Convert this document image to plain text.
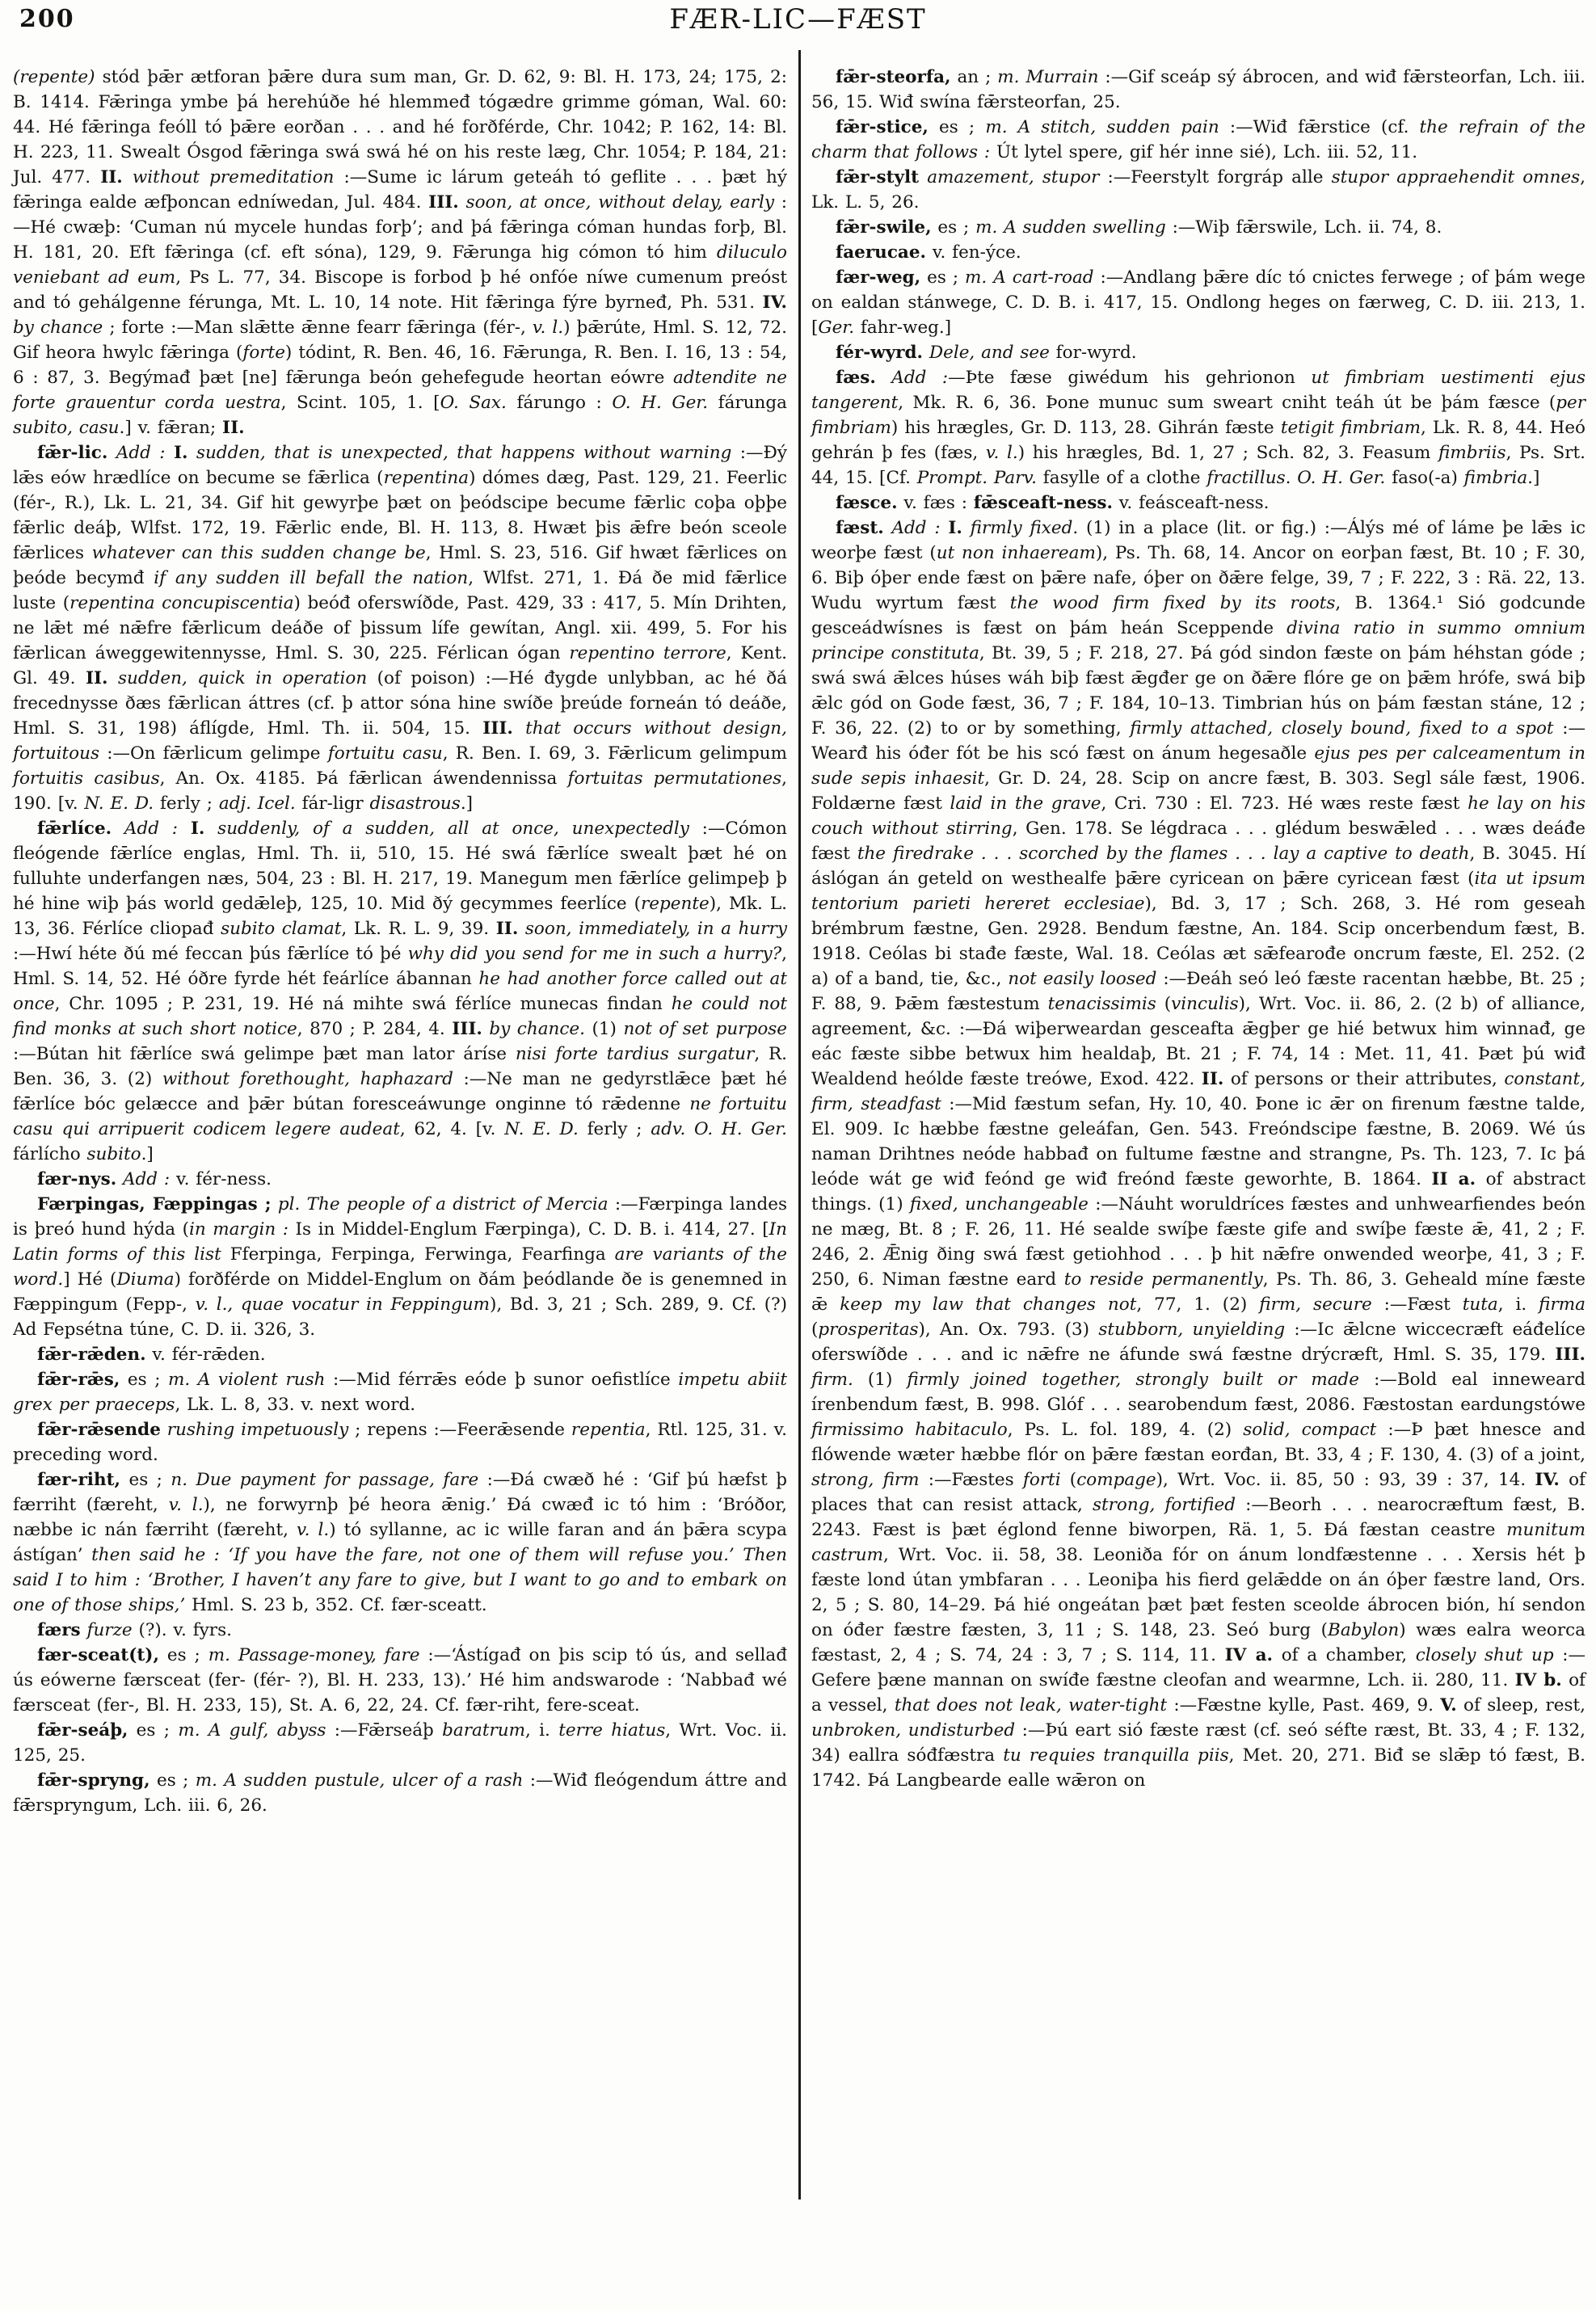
200	FÆR-LIC—FÆST

(repente) stód þǣr ætforan þǣre dura sum man, Gr. D. 62, 9: Bl. H. 173, 24; 175, 2: B. 1414. Fǣringa ymbe þá herehúðe hé hlemmeđ tógædre grimme góman, Wal. 60: 44. Hé fǣringa feóll tó þǣre eorðan . . . and hé forðférde, Chr. 1042; P. 162, 14: Bl. H. 223, 11. Swealt Ósgod fǣringa swá swá hé on his reste læg, Chr. 1054; P. 184, 21: Jul. 477. II. without premeditation :—Sume ic lárum geteáh tó geflite . . . þæt hý fǣringa ealde æfþoncan edníwedan, Jul. 484. III. soon, at once, without delay, early :—Hé cwæþ: ‘Cuman nú mycele hundas forþ’; and þá fǣringa cóman hundas forþ, Bl. H. 181, 20. Eft fǣringa (cf. eft sóna), 129, 9. Fǣrunga hig cómon tó him diluculo veniebant ad eum, Ps L. 77, 34. Biscope is forbod þ hé onfóe níwe cumenum preóst and tó gehálgenne férunga, Mt. L. 10, 14 note. Hit fǣringa fýre byrneđ, Ph. 531. IV. by chance ; forte :—Man slǣtte ǣnne fearr fǣringa (fér-, v. l.) þǣrúte, Hml. S. 12, 72. Gif heora hwylc fǣringa (forte) tódint, R. Ben. 46, 16. Fǣrunga, R. Ben. I. 16, 13 : 54, 6 : 87, 3. Begýmađ þæt [ne] fǣrunga beón gehefegude heortan eówre adtendite ne forte grauentur corda uestra, Scint. 105, 1. [O. Sax. fárungo : O. H. Ger. fárunga subito, casu.] v. fǣran; II.

fǣr-lic. Add : I. sudden, that is unexpected, that happens without warning :—Ðý lǣs eów hrædlíce on becume se fǣrlica (repentina) dómes dæg, Past. 129, 21. Feerlic (fér-, R.), Lk. L. 21, 34. Gif hit gewyrþe þæt on þeódscipe becume fǣrlic coþa oþþe fǣrlic deáþ, Wlfst. 172, 19. Fǣrlic ende, Bl. H. 113, 8. Hwæt þis ǣfre beón sceole fǣrlices whatever can this sudden change be, Hml. S. 23, 516. Gif hwæt fǣrlices on þeóde becymđ if any sudden ill befall the nation, Wlfst. 271, 1. Ðá ðe mid fǣrlice luste (repentina concupiscentia) beóđ oferswíðde, Past. 429, 33 : 417, 5. Mín Drihten, ne lǣt mé nǣfre fǣrlicum deáðe of þissum lífe gewítan, Angl. xii. 499, 5. For his fǣrlican áweggewitennysse, Hml. S. 30, 225. Férlican ógan repentino terrore, Kent. Gl. 49. II. sudden, quick in operation (of poison) :—Hé đygde unlybban, ac hé ðá frecednysse ðæs fǣrlican áttres (cf. þ attor sóna hine swíðe þreúde forneán tó deáðe, Hml. S. 31, 198) áflígde, Hml. Th. ii. 504, 15. III. that occurs without design, fortuitous :—On fǣrlicum gelimpe fortuitu casu, R. Ben. I. 69, 3. Fǣrlicum gelimpum fortuitis casibus, An. Ox. 4185. Þá fǣrlican áwendennissa fortuitas permutationes, 190. [v. N. E. D. ferly ; adj. Icel. fár-ligr disastrous.]

fǣrlíce. Add : I. suddenly, of a sudden, all at once, unexpectedly :—Cómon fleógende fǣrlíce englas, Hml. Th. ii, 510, 15. Hé swá fǣrlíce swealt þæt hé on fulluhte underfangen næs, 504, 23 : Bl. H. 217, 19. Manegum men fǣrlíce gelimpeþ þ hé hine wiþ þás world gedǣleþ, 125, 10. Mid ðý gecymmes feerlíce (repente), Mk. L. 13, 36. Férlíce cliopađ subito clamat, Lk. R. L. 9, 39. II. soon, immediately, in a hurry :—Hwí héte ðú mé feccan þús fǣrlíce tó þé why did you send for me in such a hurry?, Hml. S. 14, 52. Hé óðre fyrde hét feárlíce ábannan he had another force called out at once, Chr. 1095 ; P. 231, 19. Hé ná mihte swá férlíce munecas findan he could not find monks at such short notice, 870 ; P. 284, 4. III. by chance. (1) not of set purpose :—Bútan hit fǣrlíce swá gelimpe þæt man lator áríse nisi forte tardius surgatur, R. Ben. 36, 3. (2) without forethought, haphazard :—Ne man ne gedyrstlǣce þæt hé fǣrlíce bóc gelæcce and þǣr bútan foresceáwunge onginne tó rǣdenne ne fortuitu casu qui arripuerit codicem legere audeat, 62, 4. [v. N. E. D. ferly ; adv. O. H. Ger. fárlícho subito.]

fær-nys. Add : v. fér-ness.

Færpingas, Fæppingas ; pl. The people of a district of Mercia :—Færpinga landes is þreó hund hýda (in margin : Is in Middel-Englum Færpinga), C. D. B. i. 414, 27. [In Latin forms of this list Fferpinga, Ferpinga, Ferwinga, Fearfinga are variants of the word.] Hé (Diuma) forðférde on Middel-Englum on ðám þeódlande ðe is genemned in Fæppingum (Fepp-, v. l., quae vocatur in Feppingum), Bd. 3, 21 ; Sch. 289, 9. Cf. (?) Ad Fepsétna túne, C. D. ii. 326, 3.

fǣr-rǣden. v. fér-rǣden.

fǣr-rǣs, es ; m. A violent rush :—Mid férrǣs eóde þ sunor oefistlíce impetu abiit grex per praeceps, Lk. L. 8, 33. v. next word.

fǣr-rǣsende rushing impetuously ; repens :—Feerǣsende repentia, Rtl. 125, 31. v. preceding word.

fær-riht, es ; n. Due payment for passage, fare :—Ðá cwæð hé : ‘Gif þú hæfst þ færriht (færeht, v. l.), ne forwyrnþ þé heora ǣnig.’ Ðá cwæđ ic tó him : ‘Bróðor, næbbe ic nán færriht (færeht, v. l.) tó syllanne, ac ic wille faran and án þǣra scypa ástígan’ then said he : ‘If you have the fare, not one of them will refuse you.’ Then said I to him : ‘Brother, I haven’t any fare to give, but I want to go and to embark on one of those ships,’ Hml. S. 23 b, 352. Cf. fær-sceatt.

færs furze (?). v. fyrs.

fær-sceat(t), es ; m. Passage-money, fare :—‘Ástígađ on þis scip tó ús, and sellađ ús eówerne færsceat (fer- (fér- ?), Bl. H. 233, 13).’ Hé him andswarode : ‘Nabbađ wé færsceat (fer-, Bl. H. 233, 15), St. A. 6, 22, 24. Cf. fær-riht, fere-sceat.

fǣr-seáþ, es ; m. A gulf, abyss :—Fǣrseáþ baratrum, i. terre hiatus, Wrt. Voc. ii. 125, 25.

fǣr-spryng, es ; m. A sudden pustule, ulcer of a rash :—Wiđ fleógendum áttre and fǣrspryngum, Lch. iii. 6, 26.

fǣr-steorfa, an ; m. Murrain :—Gif sceáp sý ábrocen, and wiđ fǣrsteorfan, Lch. iii. 56, 15. Wiđ swína fǣrsteorfan, 25.

fǣr-stice, es ; m. A stitch, sudden pain :—Wiđ fǣrstice (cf. the refrain of the charm that follows : Út lytel spere, gif hér inne sié), Lch. iii. 52, 11.

fǣr-stylt amazement, stupor :—Feerstylt forgráp alle stupor appraehendit omnes, Lk. L. 5, 26.

fǣr-swile, es ; m. A sudden swelling :—Wiþ fǣrswile, Lch. ii. 74, 8.

faerucae. v. fen-ýce.

fær-weg, es ; m. A cart-road :—Andlang þǣre díc tó cnictes ferwege ; of þám wege on ealdan stánwege, C. D. B. i. 417, 15. Ondlong heges on færweg, C. D. iii. 213, 1. [Ger. fahr-weg.]

fér-wyrd. Dele, and see for-wyrd.

fæs. Add :—Þte fæse giwédum his gehrionon ut fimbriam uestimenti ejus tangerent, Mk. R. 6, 36. Þone munuc sum sweart cniht teáh út be þám fæsce (per fimbriam) his hrægles, Gr. D. 113, 28. Gihrán fæste tetigit fimbriam, Lk. R. 8, 44. Heó gehrán þ fes (fæs, v. l.) his hrægles, Bd. 1, 27 ; Sch. 82, 3. Feasum fimbriis, Ps. Srt. 44, 15. [Cf. Prompt. Parv. fasylle of a clothe fractillus. O. H. Ger. faso(-a) fimbria.]

fæsce. v. fæs : fǣsceaft-ness. v. feásceaft-ness.

fæst. Add : I. firmly fixed. (1) in a place (lit. or fig.) :—Álýs mé of láme þe lǣs ic weorþe fæst (ut non inhaeream), Ps. Th. 68, 14. Ancor on eorþan fæst, Bt. 10 ; F. 30, 6. Biþ óþer ende fæst on þǣre nafe, óþer on ðǣre felge, 39, 7 ; F. 222, 3 : Rä. 22, 13. Wudu wyrtum fæst the wood firm fixed by its roots, B. 1364.¹ Sió godcunde gesceádwísnes is fæst on þám heán Sceppende divina ratio in summo omnium principe constituta, Bt. 39, 5 ; F. 218, 27. Þá gód sindon fæste on þám héhstan góde ; swá swá ǣlces húses wáh biþ fæst ǣgđer ge on ðǣre flóre ge on þǣm hrófe, swá biþ ǣlc gód on Gode fæst, 36, 7 ; F. 184, 10–13. Timbrian hús on þám fæstan stáne, 12 ; F. 36, 22. (2) to or by something, firmly attached, closely bound, fixed to a spot :—Wearđ his óđer fót be his scó fæst on ánum hegesaðle ejus pes per calceamentum in sude sepis inhaesit, Gr. D. 24, 28. Scip on ancre fæst, B. 303. Segl sále fæst, 1906. Foldærne fæst laid in the grave, Cri. 730 : El. 723. Hé wæs reste fæst he lay on his couch without stirring, Gen. 178. Se légdraca . . . glédum beswǣled . . . wæs deáđe fæst the firedrake . . . scorched by the flames . . . lay a captive to death, B. 3045. Hí áslógan án geteld on westhealfe þǣre cyricean on þǣre cyricean fæst (ita ut ipsum tentorium parieti hereret ecclesiae), Bd. 3, 17 ; Sch. 268, 3. Hé rom geseah brémbrum fæstne, Gen. 2928. Bendum fæstne, An. 184. Scip oncerbendum fæst, B. 1918. Ceólas bi stađe fæste, Wal. 18. Ceólas æt sǣfearođe oncrum fæste, El. 252. (2 a) of a band, tie, &c., not easily loosed :—Ðeáh seó leó fæste racentan hæbbe, Bt. 25 ; F. 88, 9. Þǣm fæstestum tenacissimis (vinculis), Wrt. Voc. ii. 86, 2. (2 b) of alliance, agreement, &c. :—Ðá wiþerweardan gesceafta ǣgþer ge hié betwux him winnađ, ge eác fæste sibbe betwux him healdaþ, Bt. 21 ; F. 74, 14 : Met. 11, 41. Þæt þú wiđ Wealdend heólde fæste treówe, Exod. 422. II. of persons or their attributes, constant, firm, steadfast :—Mid fæstum sefan, Hy. 10, 40. Þone ic ǣr on firenum fæstne talde, El. 909. Ic hæbbe fæstne geleáfan, Gen. 543. Freóndscipe fæstne, B. 2069. Wé ús naman Drihtnes neóde habbađ on fultume fæstne and strangne, Ps. Th. 123, 7. Ic þá leóde wát ge wiđ feónd ge wiđ freónd fæste geworhte, B. 1864. II a. of abstract things. (1) fixed, unchangeable :—Náuht woruldríces fæstes and unhwearfiendes beón ne mæg, Bt. 8 ; F. 26, 11. Hé sealde swíþe fæste gife and swíþe fæste ǣ, 41, 2 ; F. 246, 2. Ǣnig ðing swá fæst getiohhod . . . þ hit nǣfre onwended weorþe, 41, 3 ; F. 250, 6. Niman fæstne eard to reside permanently, Ps. Th. 86, 3. Geheald míne fæste ǣ keep my law that changes not, 77, 1. (2) firm, secure :—Fæst tuta, i. firma (prosperitas), An. Ox. 793. (3) stubborn, unyielding :—Ic ǣlcne wiccecræft eáđelíce oferswíðde . . . and ic nǣfre ne áfunde swá fæstne drýcræft, Hml. S. 35, 179. III. firm. (1) firmly joined together, strongly built or made :—Bold eal inneweard írenbendum fæst, B. 998. Glóf . . . searobendum fæst, 2086. Fæstostan eardungstówe firmissimo habitaculo, Ps. L. fol. 189, 4. (2) solid, compact :—Þ þæt hnesce and flówende wæter hæbbe flór on þǣre fæstan eorđan, Bt. 33, 4 ; F. 130, 4. (3) of a joint, strong, firm :—Fæstes forti (compage), Wrt. Voc. ii. 85, 50 : 93, 39 : 37, 14. IV. of places that can resist attack, strong, fortified :—Beorh . . . nearocræftum fæst, B. 2243. Fæst is þæt églond fenne biworpen, Rä. 1, 5. Ðá fæstan ceastre munitum castrum, Wrt. Voc. ii. 58, 38. Leoniða fór on ánum londfæstenne . . . Xersis hét þ fæste lond útan ymbfaran . . . Leoniþa his fierd gelǣdde on án óþer fæstre land, Ors. 2, 5 ; S. 80, 14–29. Þá hié ongeátan þæt þæt festen sceolde ábrocen bión, hí sendon on óđer fæstre fæsten, 3, 11 ; S. 148, 23. Seó burg (Babylon) wæs ealra weorca fæstast, 2, 4 ; S. 74, 24 : 3, 7 ; S. 114, 11. IV a. of a chamber, closely shut up :—Gefere þæne mannan on swíđe fæstne cleofan and wearmne, Lch. ii. 280, 11. IV b. of a vessel, that does not leak, water-tight :—Fæstne kylle, Past. 469, 9. V. of sleep, rest, unbroken, undisturbed :—Þú eart sió fæste ræst (cf. seó séfte ræst, Bt. 33, 4 ; F. 132, 34) eallra sóđfæstra tu requies tranquilla piis, Met. 20, 271. Biđ se slǣp tó fæst, B. 1742. Þá Langbearde ealle wǣron on
